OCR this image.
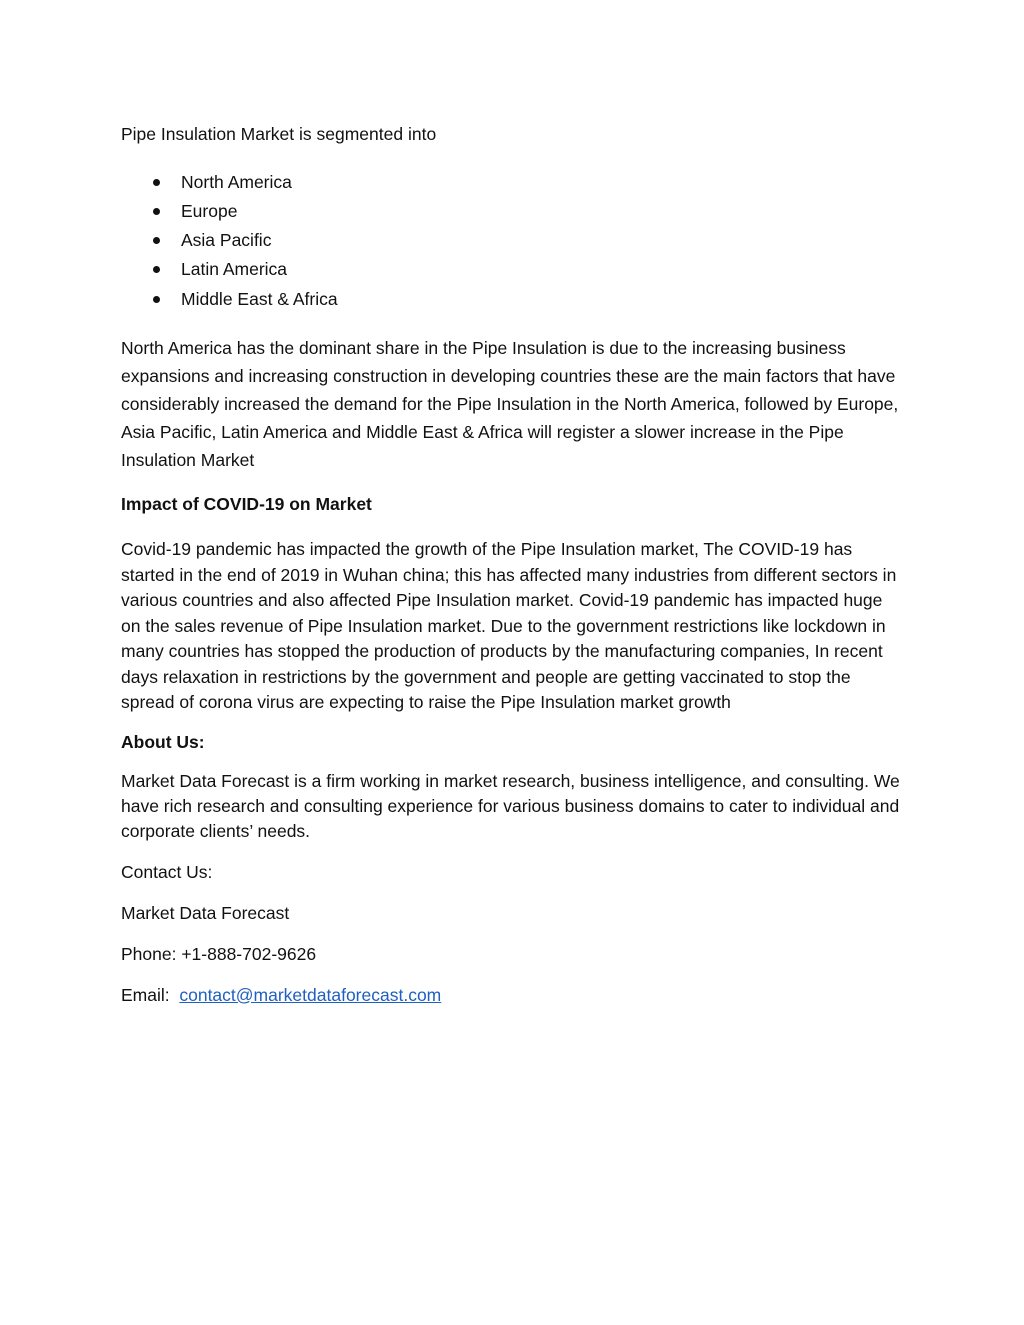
Pipe Insulation Market is segmented into

North America
Europe
Asia Pacific
Latin America
Middle East & Africa

North America has the dominant share in the Pipe Insulation is due to the increasing business expansions and increasing construction in developing countries these are the main factors that have considerably increased the demand for the Pipe Insulation in the North America, followed by Europe, Asia Pacific, Latin America and Middle East & Africa will register a slower increase in the Pipe Insulation Market

Impact of COVID-19 on Market

Covid-19 pandemic has impacted the growth of the Pipe Insulation market, The COVID-19 has started in the end of 2019 in Wuhan china; this has affected many industries from different sectors in various countries and also affected Pipe Insulation market. Covid-19 pandemic has impacted huge on the sales revenue of Pipe Insulation market. Due to the government restrictions like lockdown in many countries has stopped the production of products by the manufacturing companies, In recent days relaxation in restrictions by the government and people are getting vaccinated to stop the spread of corona virus are expecting to raise the Pipe Insulation market growth

About Us:

Market Data Forecast is a firm working in market research, business intelligence, and consulting. We have rich research and consulting experience for various business domains to cater to individual and corporate clients’ needs.

Contact Us:

Market Data Forecast

Phone: +1-888-702-9626

Email: contact@marketdataforecast.com
